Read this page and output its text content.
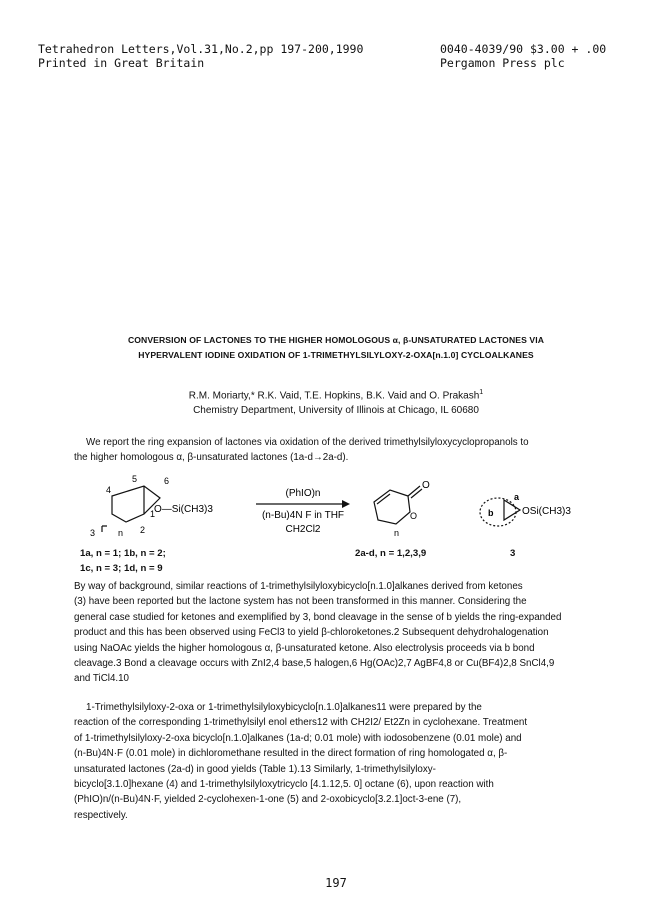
Tetrahedron Letters,Vol.31,No.2,pp 197-200,1990
Printed in Great Britain
0040-4039/90 $3.00 + .00
Pergamon Press plc
CONVERSION OF LACTONES TO THE HIGHER HOMOLOGOUS α, β-UNSATURATED LACTONES VIA
HYPERVALENT IODINE OXIDATION OF 1-TRIMETHYLSILYLOXY-2-OXA[n.1.0] CYCLOALKANES
R.M. Moriarty,* R.K. Vaid, T.E. Hopkins, B.K. Vaid and O. Prakash$^1$
Chemistry Department, University of Illinois at Chicago, IL 60680
We report the ring expansion of lactones via oxidation of the derived trimethylsilyloxycyclopropanols to
the higher homologous α, β-unsaturated lactones (1a-d→2a-d).
4
5	6
3
1
2
n
O—Si(CH3)3
(PhIO)n
(n-Bu)4N F in THF
CH2Cl2
O
O
n
a
b	OSi(CH3)3
1a, n = 1; 1b, n = 2;	2a-d, n = 1,2,3,9	3
1c, n = 3; 1d, n = 9
By way of background, similar reactions of 1-trimethylsilyloxybicyclo[n.1.0]alkanes derived from ketones
(3) have been reported but the lactone system has not been transformed in this manner. Considering the
general case studied for ketones and exemplified by 3, bond cleavage in the sense of b yields the ring-expanded
product and this has been observed using FeCl3 to yield β-chloroketones.2 Subsequent dehydrohalogenation
using NaOAc yields the higher homologous α, β-unsaturated ketone. Also electrolysis proceeds via b bond
cleavage.3 Bond a cleavage occurs with ZnI2,4 base,5 halogen,6 Hg(OAc)2,7 AgBF4,8 or Cu(BF4)2,8 SnCl4,9
and TiCl4.10
1-Trimethylsilyloxy-2-oxa or 1-trimethylsilyloxybicyclo[n.1.0]alkanes11 were prepared by the
reaction of the corresponding 1-trimethylsilyl enol ethers12 with CH2I2/ Et2Zn in cyclohexane. Treatment
of 1-trimethylsilyloxy-2-oxa bicyclo[n.1.0]alkanes (1a-d; 0.01 mole) with iodosobenzene (0.01 mole) and
(n-Bu)4N·F (0.01 mole) in dichloromethane resulted in the direct formation of ring homologated α, β-
unsaturated lactones (2a-d) in good yields (Table 1).13 Similarly, 1-trimethylsilyloxy-
bicyclo[3.1.0]hexane (4) and 1-trimethylsilyloxytricyclo [4.1.12,5. 0] octane (6), upon reaction with
(PhIO)n/(n-Bu)4N·F, yielded 2-cyclohexen-1-one (5) and 2-oxobicyclo[3.2.1]oct-3-ene (7),
respectively.
197
